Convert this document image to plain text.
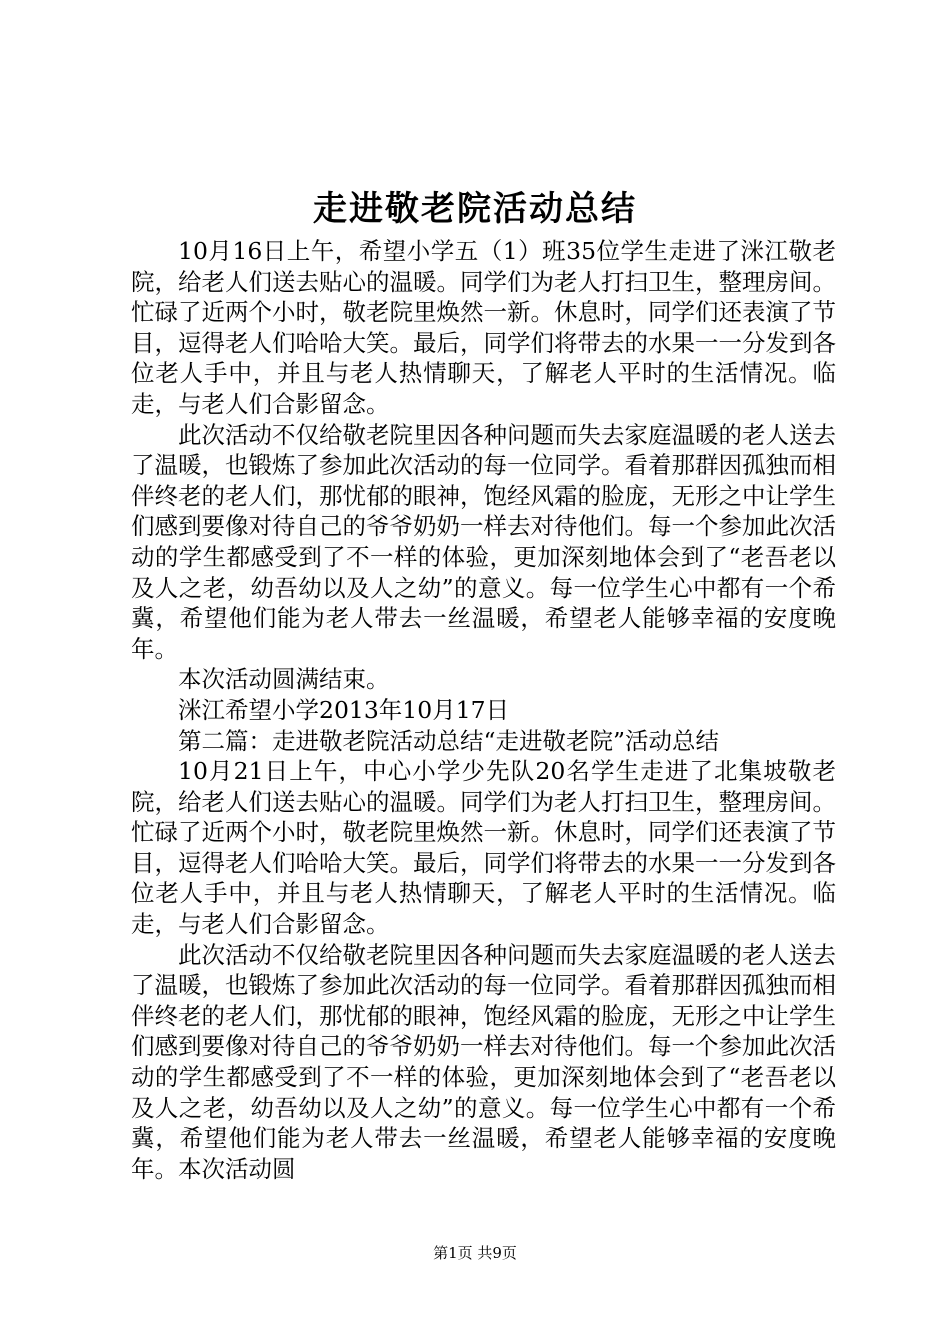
走进敬老院活动总结

10月16日上午，希望小学五（1）班35位学生走进了洣江敬老院，给老人们送去贴心的温暖。同学们为老人打扫卫生，整理房间。忙碌了近两个小时，敬老院里焕然一新。休息时，同学们还表演了节目，逗得老人们哈哈大笑。最后，同学们将带去的水果一一分发到各位老人手中，并且与老人热情聊天，了解老人平时的生活情况。临走，与老人们合影留念。

此次活动不仅给敬老院里因各种问题而失去家庭温暖的老人送去了温暖，也锻炼了参加此次活动的每一位同学。看着那群因孤独而相伴终老的老人们，那忧郁的眼神，饱经风霜的脸庞，无形之中让学生们感到要像对待自己的爷爷奶奶一样去对待他们。每一个参加此次活动的学生都感受到了不一样的体验，更加深刻地体会到了“老吾老以及人之老，幼吾幼以及人之幼”的意义。每一位学生心中都有一个希冀，希望他们能为老人带去一丝温暖，希望老人能够幸福的安度晚年。

本次活动圆满结束。

洣江希望小学2013年10月17日

第二篇：走进敬老院活动总结“走进敬老院”活动总结

10月21日上午，中心小学少先队20名学生走进了北集坡敬老院，给老人们送去贴心的温暖。同学们为老人打扫卫生，整理房间。忙碌了近两个小时，敬老院里焕然一新。休息时，同学们还表演了节目，逗得老人们哈哈大笑。最后，同学们将带去的水果一一分发到各位老人手中，并且与老人热情聊天，了解老人平时的生活情况。临走，与老人们合影留念。

此次活动不仅给敬老院里因各种问题而失去家庭温暖的老人送去了温暖，也锻炼了参加此次活动的每一位同学。看着那群因孤独而相伴终老的老人们，那忧郁的眼神，饱经风霜的脸庞，无形之中让学生们感到要像对待自己的爷爷奶奶一样去对待他们。每一个参加此次活动的学生都感受到了不一样的体验，更加深刻地体会到了“老吾老以及人之老，幼吾幼以及人之幼”的意义。每一位学生心中都有一个希冀，希望他们能为老人带去一丝温暖，希望老人能够幸福的安度晚年。本次活动圆

第1页 共9页
